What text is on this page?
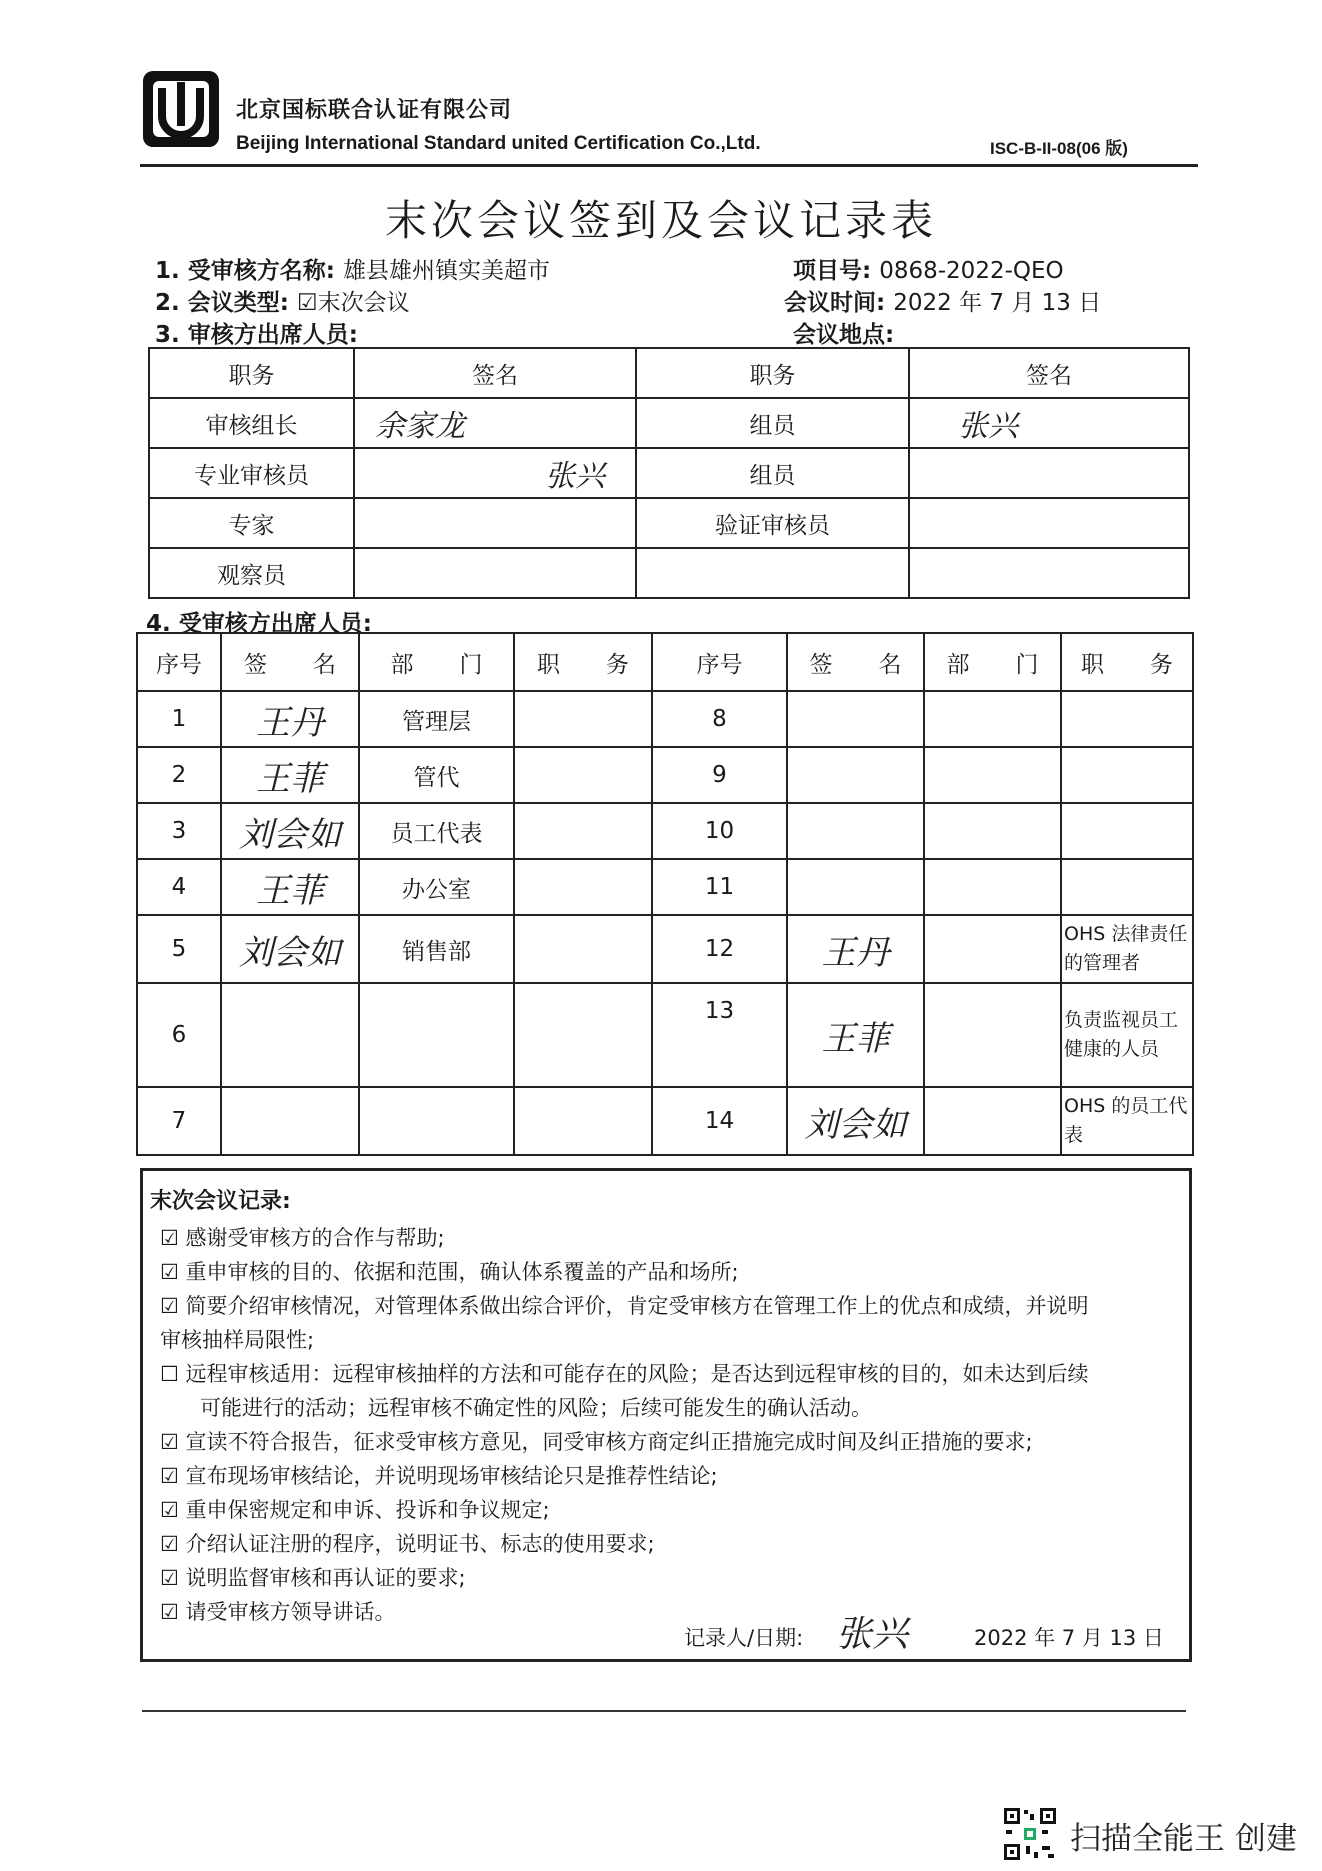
北京国标联合认证有限公司
Beijing International Standard united Certification Co.,Ltd.	ISC-B-II-08(06 版)
末次会议签到及会议记录表
1. 受审核方名称: 雄县雄州镇实美超市	项目号: 0868-2022-QEO
2. 会议类型: ☑末次会议	会议时间: 2022 年 7 月 13 日
3. 审核方出席人员:	会议地点:
职务	签名	职务	签名
审核组长	余家龙	组员	张兴
专业审核员	张兴	组员	
专家		验证审核员	
观察员			
4. 受审核方出席人员:
序号	签　　名	部　　门	职　　务	序号	签　　名	部　　门	职　　务
1	王丹	管理层		8			
2	王菲	管代		9			
3	刘会如	员工代表		10			
4	王菲	办公室		11			
5	刘会如	销售部		12	王丹		OHS 法律责任的管理者
6				13	王菲		负责监视员工健康的人员
7				14	刘会如		OHS 的员工代表
末次会议记录:
☑ 感谢受审核方的合作与帮助;
☑ 重申审核的目的、依据和范围，确认体系覆盖的产品和场所;
☑ 简要介绍审核情况，对管理体系做出综合评价，肯定受审核方在管理工作上的优点和成绩，并说明
审核抽样局限性;
☐ 远程审核适用：远程审核抽样的方法和可能存在的风险；是否达到远程审核的目的，如未达到后续
可能进行的活动；远程审核不确定性的风险；后续可能发生的确认活动。
☑ 宣读不符合报告，征求受审核方意见，同受审核方商定纠正措施完成时间及纠正措施的要求;
☑ 宣布现场审核结论，并说明现场审核结论只是推荐性结论;
☑ 重申保密规定和申诉、投诉和争议规定;
☑ 介绍认证注册的程序，说明证书、标志的使用要求;
☑ 说明监督审核和再认证的要求;
☑ 请受审核方领导讲话。
记录人/日期: 张兴	2022 年 7 月 13 日
扫描全能王 创建
